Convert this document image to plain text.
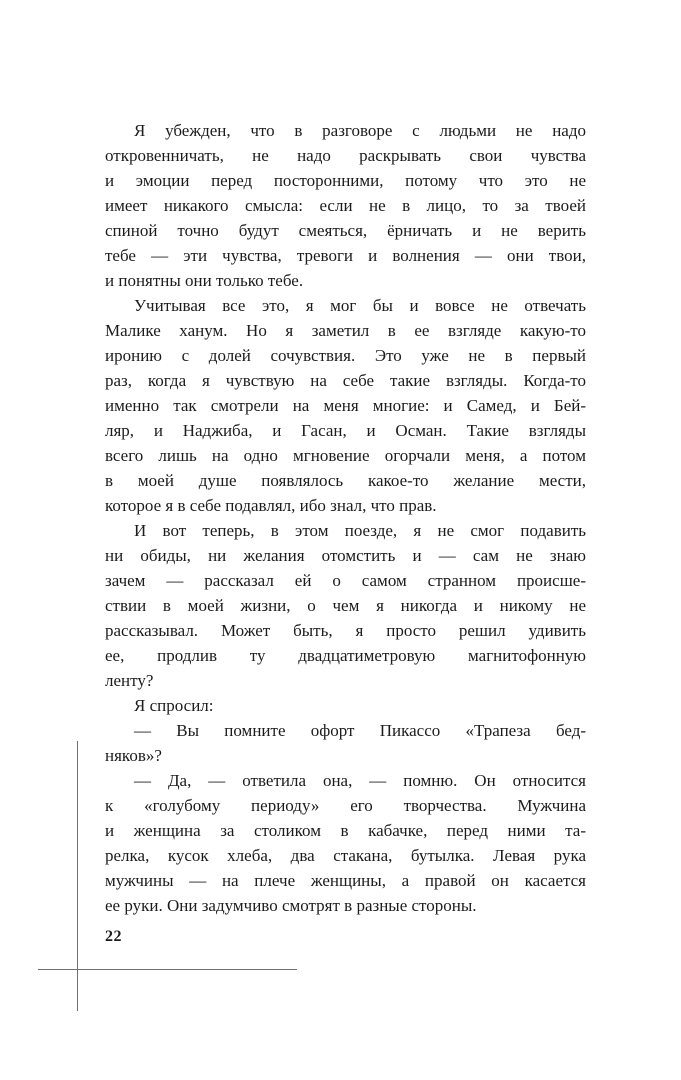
Я убежден, что в разговоре с людьми не надо
откровенничать, не надо раскрывать свои чувства
и эмоции перед посторонними, потому что это не
имеет никакого смысла: если не в лицо, то за твоей
спиной точно будут смеяться, ёрничать и не верить
тебе — эти чувства, тревоги и волнения — они твои,
и понятны они только тебе.
Учитывая все это, я мог бы и вовсе не отвечать
Малике ханум. Но я заметил в ее взгляде какую-то
иронию с долей сочувствия. Это уже не в первый
раз, когда я чувствую на себе такие взгляды. Когда-то
именно так смотрели на меня многие: и Самед, и Бей-
ляр, и Наджиба, и Гасан, и Осман. Такие взгляды
всего лишь на одно мгновение огорчали меня, а потом
в моей душе появлялось какое-то желание мести,
которое я в себе подавлял, ибо знал, что прав.
И вот теперь, в этом поезде, я не смог подавить
ни обиды, ни желания отомстить и — сам не знаю
зачем — рассказал ей о самом странном происше-
ствии в моей жизни, о чем я никогда и никому не
рассказывал. Может быть, я просто решил удивить
ее, продлив ту двадцатиметровую магнитофонную
ленту?
Я спросил:
— Вы помните офорт Пикассо «Трапеза бед-
няков»?
— Да, — ответила она, — помню. Он относится
к «голубому периоду» его творчества. Мужчина
и женщина за столиком в кабачке, перед ними та-
релка, кусок хлеба, два стакана, бутылка. Левая рука
мужчины — на плече женщины, а правой он касается
ее руки. Они задумчиво смотрят в разные стороны.
22
